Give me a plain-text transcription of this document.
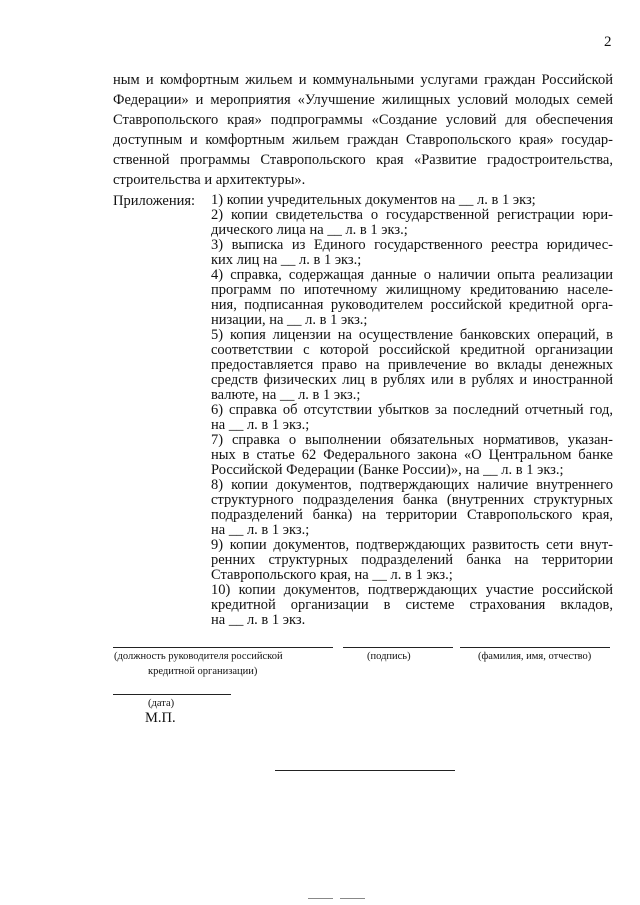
2
ным и комфортным жильем и коммунальными услугами граждан Российской
Федерации» и мероприятия «Улучшение жилищных условий молодых семей
Ставропольского края» подпрограммы «Создание условий для обеспечения
доступным и комфортным жильем граждан Ставропольского края» государ-
ственной программы Ставропольского края «Развитие градостроительства,
строительства и архитектуры».
Приложения: 1) копии учредительных документов на __ л. в 1 экз;
2) копии свидетельства о государственной регистрации юри-
дического лица на __ л. в 1 экз.;
3) выписка из Единого государственного реестра юридичес-
ких лиц на __ л. в 1 экз.;
4) справка, содержащая данные о наличии опыта реализации
программ по ипотечному жилищному кредитованию населе-
ния, подписанная руководителем российской кредитной орга-
низации, на __ л. в 1 экз.;
5) копия лицензии на осуществление банковских операций, в
соответствии с которой российской кредитной организации
предоставляется право на привлечение во вклады денежных
средств физических лиц в рублях или в рублях и иностранной
валюте, на __ л. в 1 экз.;
6) справка об отсутствии убытков за последний отчетный год,
на __ л. в 1 экз.;
7) справка о выполнении обязательных нормативов, указан-
ных в статье 62 Федерального закона «О Центральном банке
Российской Федерации (Банке России)», на __ л. в 1 экз.;
8) копии документов, подтверждающих наличие внутреннего
структурного подразделения банка (внутренних структурных
подразделений банка) на территории Ставропольского края,
на __ л. в 1 экз.;
9) копии документов, подтверждающих развитость сети внут-
ренних структурных подразделений банка на территории
Ставропольского края, на __ л. в 1 экз.;
10) копии документов, подтверждающих участие российской
кредитной организации в системе страхования вкладов,
на __ л. в 1 экз.
(должность руководителя российской
кредитной организации)
(подпись)	(фамилия, имя, отчество)
(дата)
М.П.
